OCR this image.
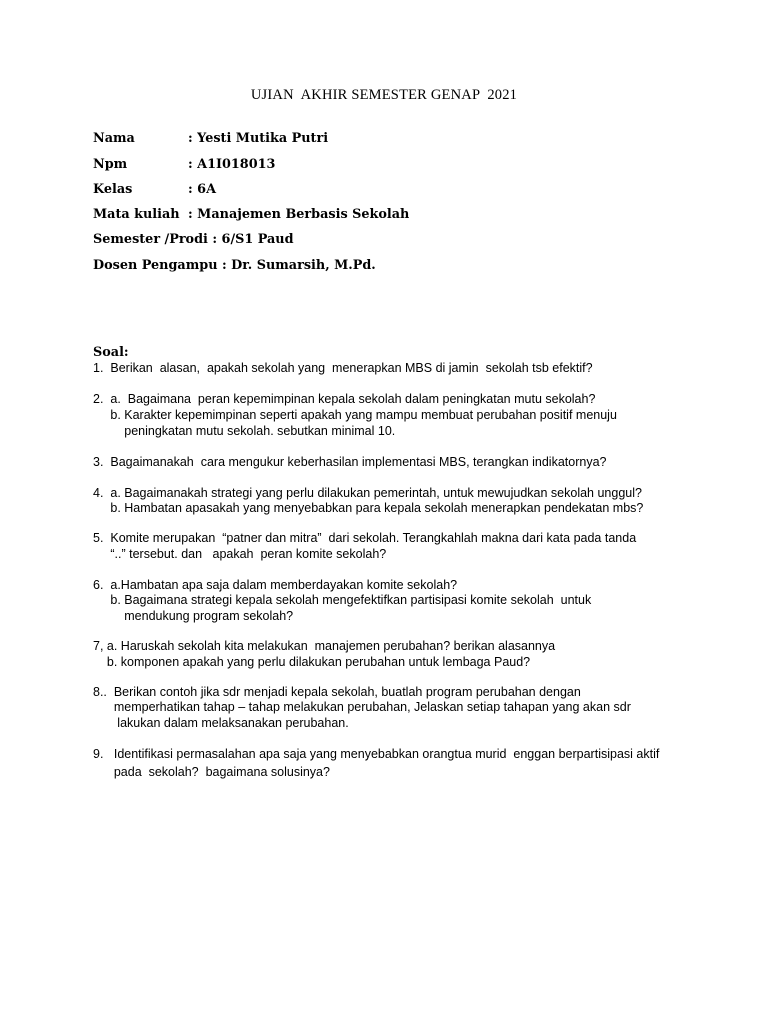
UJIAN  AKHIR SEMESTER GENAP  2021
Nama	: Yesti Mutika Putri
Npm	: A1I018013
Kelas	: 6A
Mata kuliah : Manajemen Berbasis Sekolah
Semester /Prodi : 6/S1 Paud
Dosen Pengampu : Dr. Sumarsih, M.Pd.
Soal:
1.  Berikan  alasan,  apakah sekolah yang  menerapkan MBS di jamin  sekolah tsb efektif?
2.  a.  Bagaimana  peran kepemimpinan kepala sekolah dalam peningkatan mutu sekolah?
b. Karakter kepemimpinan seperti apakah yang mampu membuat perubahan positif menuju
peningkatan mutu sekolah. sebutkan minimal 10.
3.  Bagaimanakah  cara mengukur keberhasilan implementasi MBS, terangkan indikatornya?
4.  a. Bagaimanakah strategi yang perlu dilakukan pemerintah, untuk mewujudkan sekolah unggul?
b. Hambatan apasakah yang menyebabkan para kepala sekolah menerapkan pendekatan mbs?
5.  Komite merupakan  “patner dan mitra”  dari sekolah. Terangkahlah makna dari kata pada tanda
“..” tersebut. dan   apakah  peran komite sekolah?
6.  a.Hambatan apa saja dalam memberdayakan komite sekolah?
b. Bagaimana strategi kepala sekolah mengefektifkan partisipasi komite sekolah  untuk
mendukung program sekolah?
7, a. Haruskah sekolah kita melakukan  manajemen perubahan? berikan alasannya
b. komponen apakah yang perlu dilakukan perubahan untuk lembaga Paud?
8..  Berikan contoh jika sdr menjadi kepala sekolah, buatlah program perubahan dengan
memperhatikan tahap – tahap melakukan perubahan, Jelaskan setiap tahapan yang akan sdr
lakukan dalam melaksanakan perubahan.
9.   Identifikasi permasalahan apa saja yang menyebabkan orangtua murid  enggan berpartisipasi aktif
pada  sekolah?  bagaimana solusinya?
